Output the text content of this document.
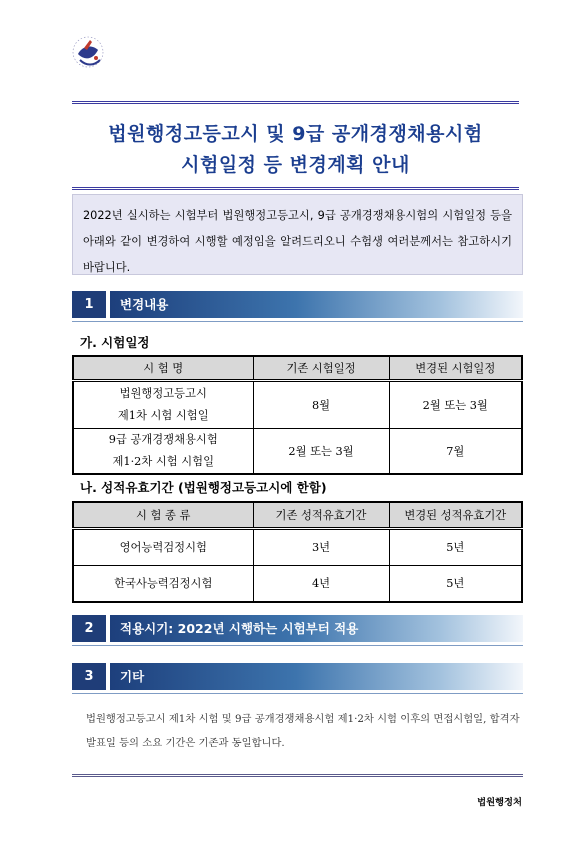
법원행정고등고시 및 9급 공개경쟁채용시험
시험일정 등 변경계획 안내
2022년 실시하는 시험부터 법원행정고등고시, 9급 공개경쟁채용시험의 시험일정 등을 아래와 같이 변경하여 시행할 예정임을 알려드리오니 수험생 여러분께서는 참고하시기 바랍니다.
1	변경내용
가. 시험일정
시 험 명	기존 시험일정	변경된 시험일정

법원행정고등고시
제1차 시험 시험일	8월	2월 또는 3월

9급 공개경쟁채용시험
제1·2차 시험 시험일	2월 또는 3월	7월
나. 성적유효기간 (법원행정고등고시에 한함)
시 험 종 류	기존 성적유효기간	변경된 성적유효기간
영어능력검정시험	3년	5년
한국사능력검정시험	4년	5년
2	적용시기: 2022년 시행하는 시험부터 적용
3	기타
법원행정고등고시 제1차 시험 및 9급 공개경쟁채용시험 제1·2차 시험 이후의 면접시험일, 합격자 발표일 등의 소요 기간은 기존과 동일합니다.
법원행정처
